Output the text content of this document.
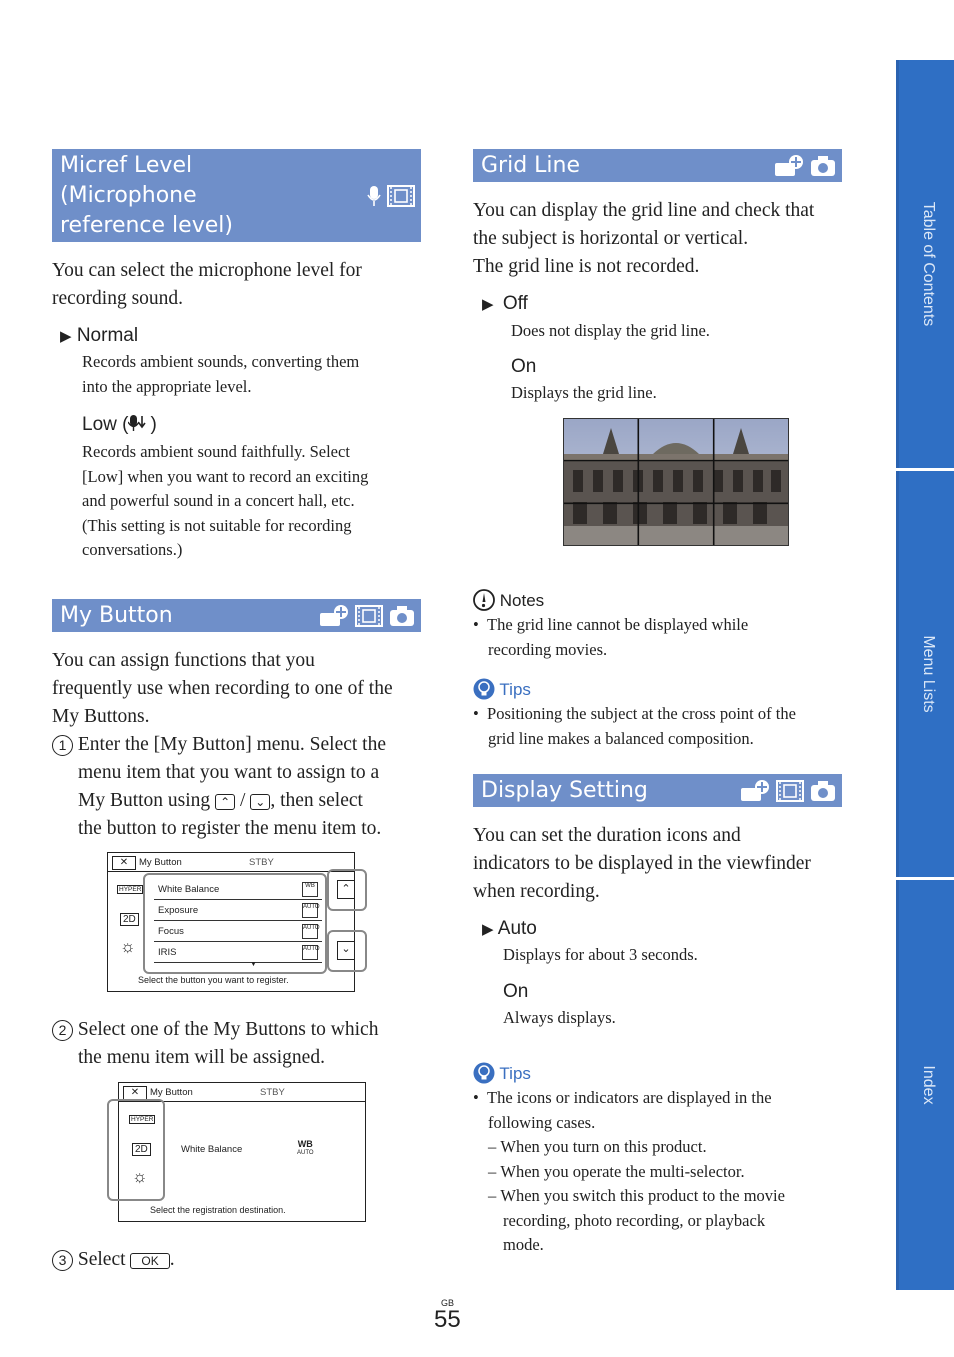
Table of Contents
Menu Lists
Index
Micref Level
(Microphone
reference level)
You can select the microphone level for
recording sound.
▶ Normal
Records ambient sounds, converting them
into the appropriate level.
Low ( )
Records ambient sound faithfully. Select
[Low] when you want to record an exciting
and powerful sound in a concert hall, etc.
(This setting is not suitable for recording
conversations.)
My Button
You can assign functions that you
frequently use when recording to one of the
My Buttons.
1 Enter the [My Button] menu. Select the
menu item that you want to assign to a
My Button using ⌃ / ⌄ , then select
the button to register the menu item to.
✕	My Button	STBY
HYPER
2D
☼
White Balance	WB
Exposure	AUTO
Focus	AUTO
IRIS	AUTO
▼
Select the button you want to register.
⌃
⌄
2 Select one of the My Buttons to which
the menu item will be assigned.
✕	My Button	STBY
HYPER
2D
☼
White Balance	WB
AUTO
Select the registration destination.
3 Select OK .
Grid Line
You can display the grid line and check that
the subject is horizontal or vertical.
The grid line is not recorded.
▶ Off
Does not display the grid line.
On
Displays the grid line.
Notes
•  The grid line cannot be displayed while
recording movies.
Tips
•  Positioning the subject at the cross point of the
grid line makes a balanced composition.
Display Setting
You can set the duration icons and
indicators to be displayed in the viewfinder
when recording.
▶ Auto
Displays for about 3 seconds.
On
Always displays.
Tips
•  The icons or indicators are displayed in the
following cases.
– When you turn on this product.
– When you operate the multi-selector.
– When you switch this product to the movie
recording, photo recording, or playback
mode.
GB
55
